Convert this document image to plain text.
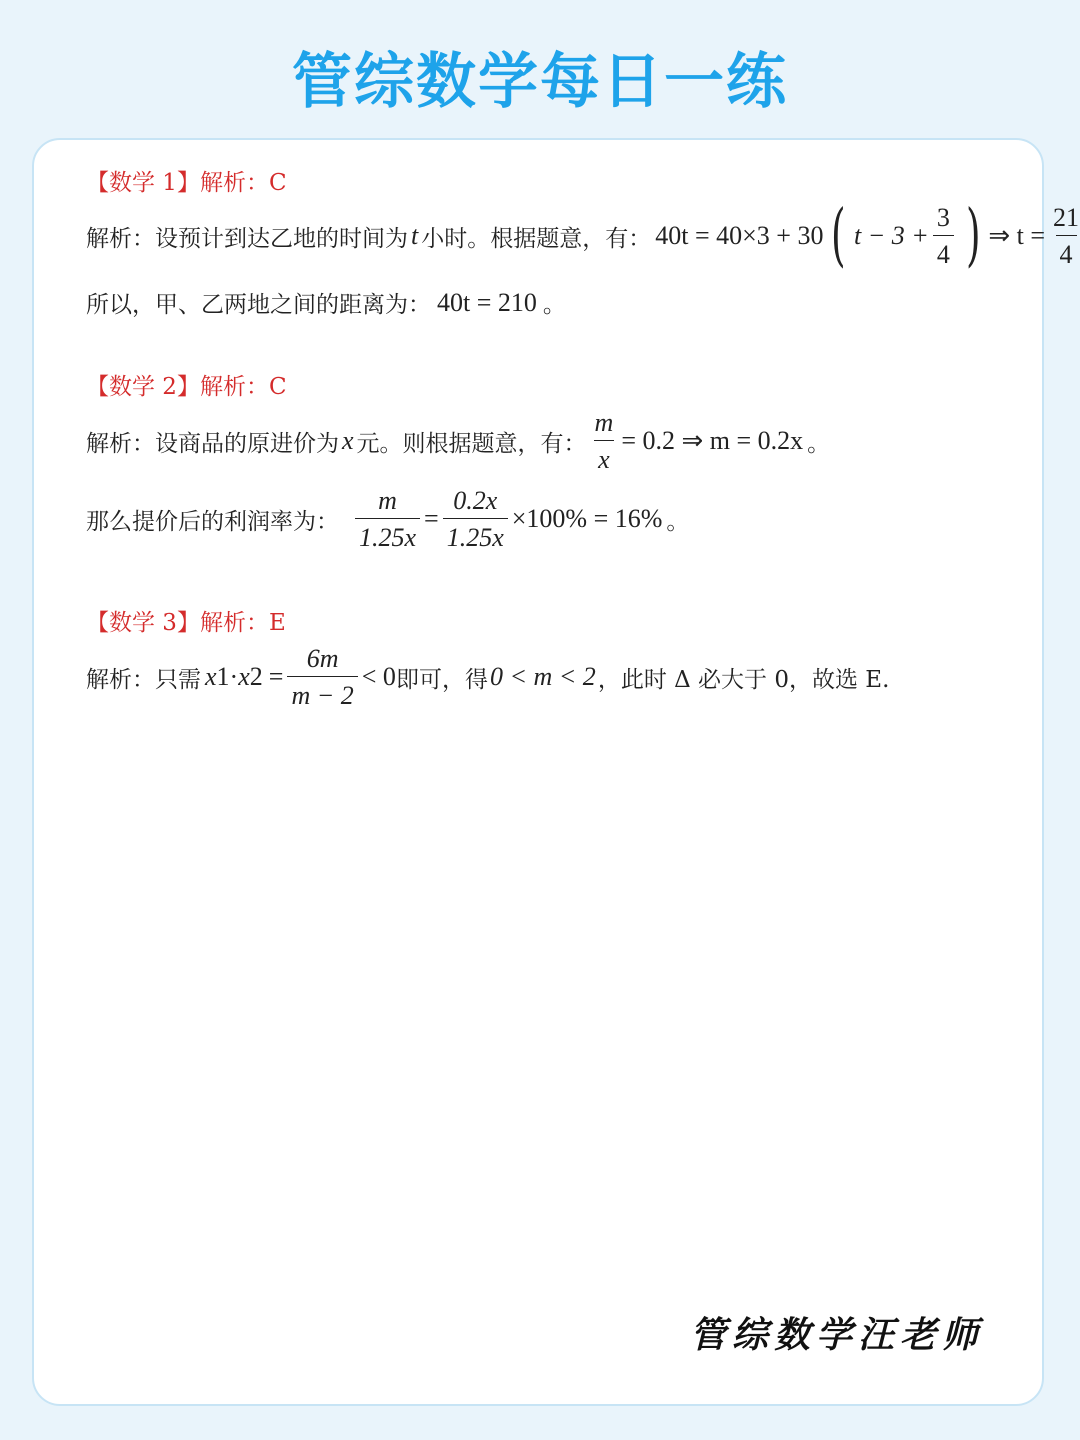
管综数学每日一练
【数学 1】解析：C
解析：设预计到达乙地的时间为 t 小时。根据题意，有： 40t = 40×3 + 30 ( $t - 3 + \frac{3}{4}$ ) ⇒ $t = \frac{21}{4}$
所以，甲、乙两地之间的距离为： 40t = 210 。
【数学 2】解析：C
解析：设商品的原进价为 x 元。则根据题意，有： $\frac{m}{x} = 0.2$ ⇒ m = 0.2x 。
那么提价后的利润率为： $\frac{m}{1.25x} = \frac{0.2x}{1.25x} \times 100\% = 16\%$ 。
【数学 3】解析：E
解析：只需 x 1 · x $2 = \frac{6m}{m - 2} < 0$ 即可，得 0 < m < 2 ，此时 Δ 必大于 0，故选 E.
管综数学汪老师
